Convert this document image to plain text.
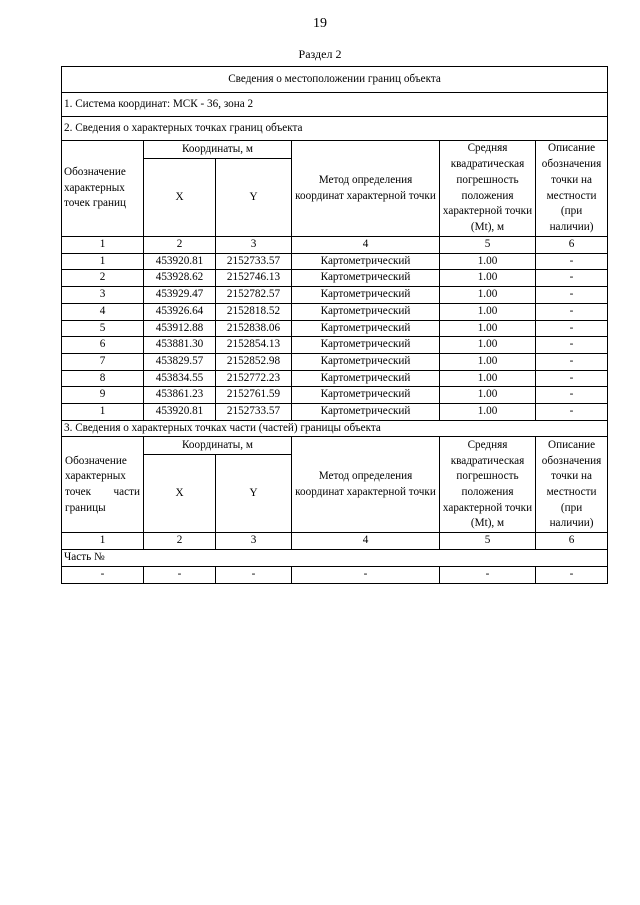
19
Раздел 2
Сведения о местоположении границ объекта					
1. Система координат: МСК - 36, зона 2					
2. Сведения о характерных точках границ объекта					
Обозначение характерных точек границ	Координаты, м		Метод определения координат характерной точки	Средняя квадратическая погрешность положения характерной точки (Mt), м	Описание обозначения точки на местности (при наличии)
	X	Y			
1	2	3	4	5	6
1	453920.81	2152733.57	Картометрический	1.00	-
2	453928.62	2152746.13	Картометрический	1.00	-
3	453929.47	2152782.57	Картометрический	1.00	-
4	453926.64	2152818.52	Картометрический	1.00	-
5	453912.88	2152838.06	Картометрический	1.00	-
6	453881.30	2152854.13	Картометрический	1.00	-
7	453829.57	2152852.98	Картометрический	1.00	-
8	453834.55	2152772.23	Картометрический	1.00	-
9	453861.23	2152761.59	Картометрический	1.00	-
1	453920.81	2152733.57	Картометрический	1.00	-
3. Сведения о характерных точках части (частей) границы объекта					
Обозначение характерных точек части границы	Координаты, м		Метод определения координат характерной точки	Средняя квадратическая погрешность положения характерной точки (Mt), м	Описание обозначения точки на местности (при наличии)
	X	Y			
1	2	3	4	5	6
Часть №					
-	-	-	-	-	-
